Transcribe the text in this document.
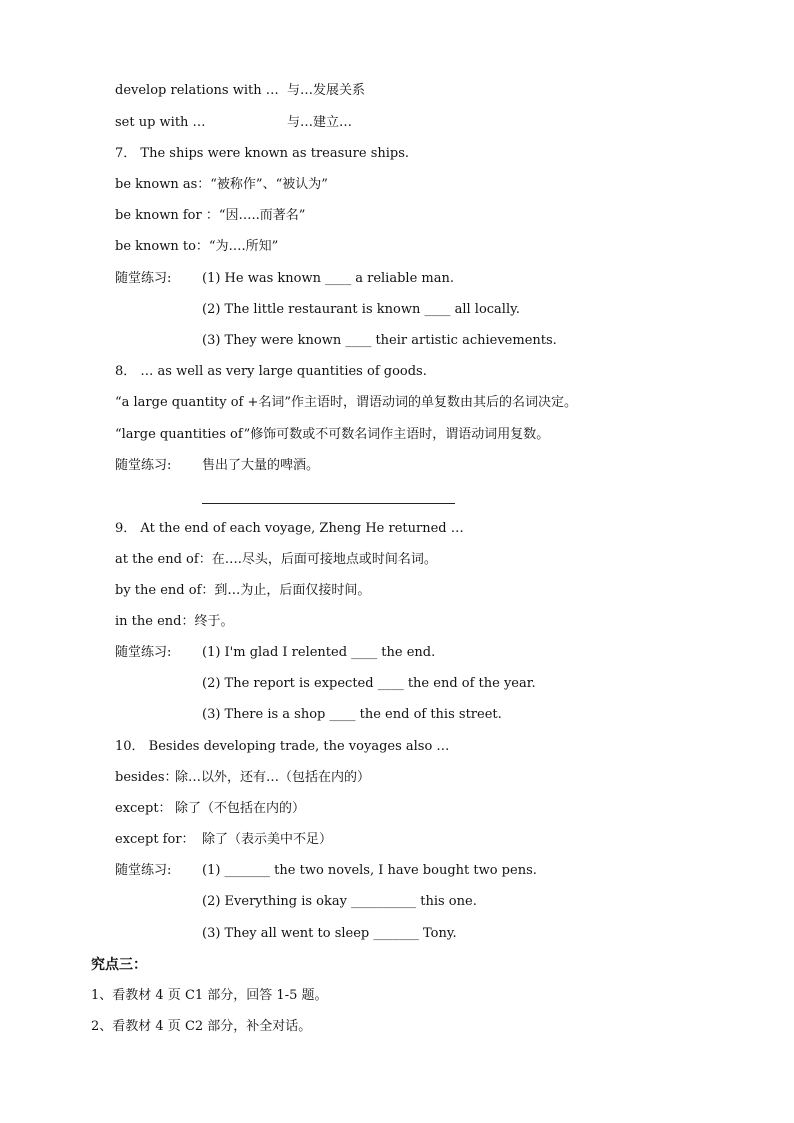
develop relations with … 与…发展关系
set up with …	与…建立…
7． The ships were known as treasure ships.
be known as：“被称作”、“被认为”
be known for ：“因…..而著名”
be known to：“为….所知”
随堂练习: (1) He was known ____ a reliable man.
(2) The little restaurant is known ____ all locally.
(3) They were known ____ their artistic achievements.
8． … as well as very large quantities of goods.
“a large quantity of +名词”作主语时，谓语动词的单复数由其后的名词决定。
“large quantities of”修饰可数或不可数名词作主语时，谓语动词用复数。
随堂练习: 售出了大量的啤酒。
9． At the end of each voyage, Zheng He returned …
at the end of：在….尽头，后面可接地点或时间名词。
by the end of：到…为止，后面仅接时间。
in the end：终于。
随堂练习: (1) I'm glad I relented ____ the end.
(2) The report is expected ____ the end of the year.
(3) There is a shop ____ the end of this street.
10． Besides developing trade, the voyages also …
besides：
除…以外，还有…（包括在内的）
except： 除了（不包括在内的）
except for： 除了（表示美中不足）
随堂练习: (1) _______ the two novels, I have bought two pens.
(2) Everything is okay __________ this one.
(3) They all went to sleep _______ Tony.
究点三：
1、看教材 4 页 C1 部分，回答 1-5 题。
2、看教材 4 页 C2 部分，补全对话。
